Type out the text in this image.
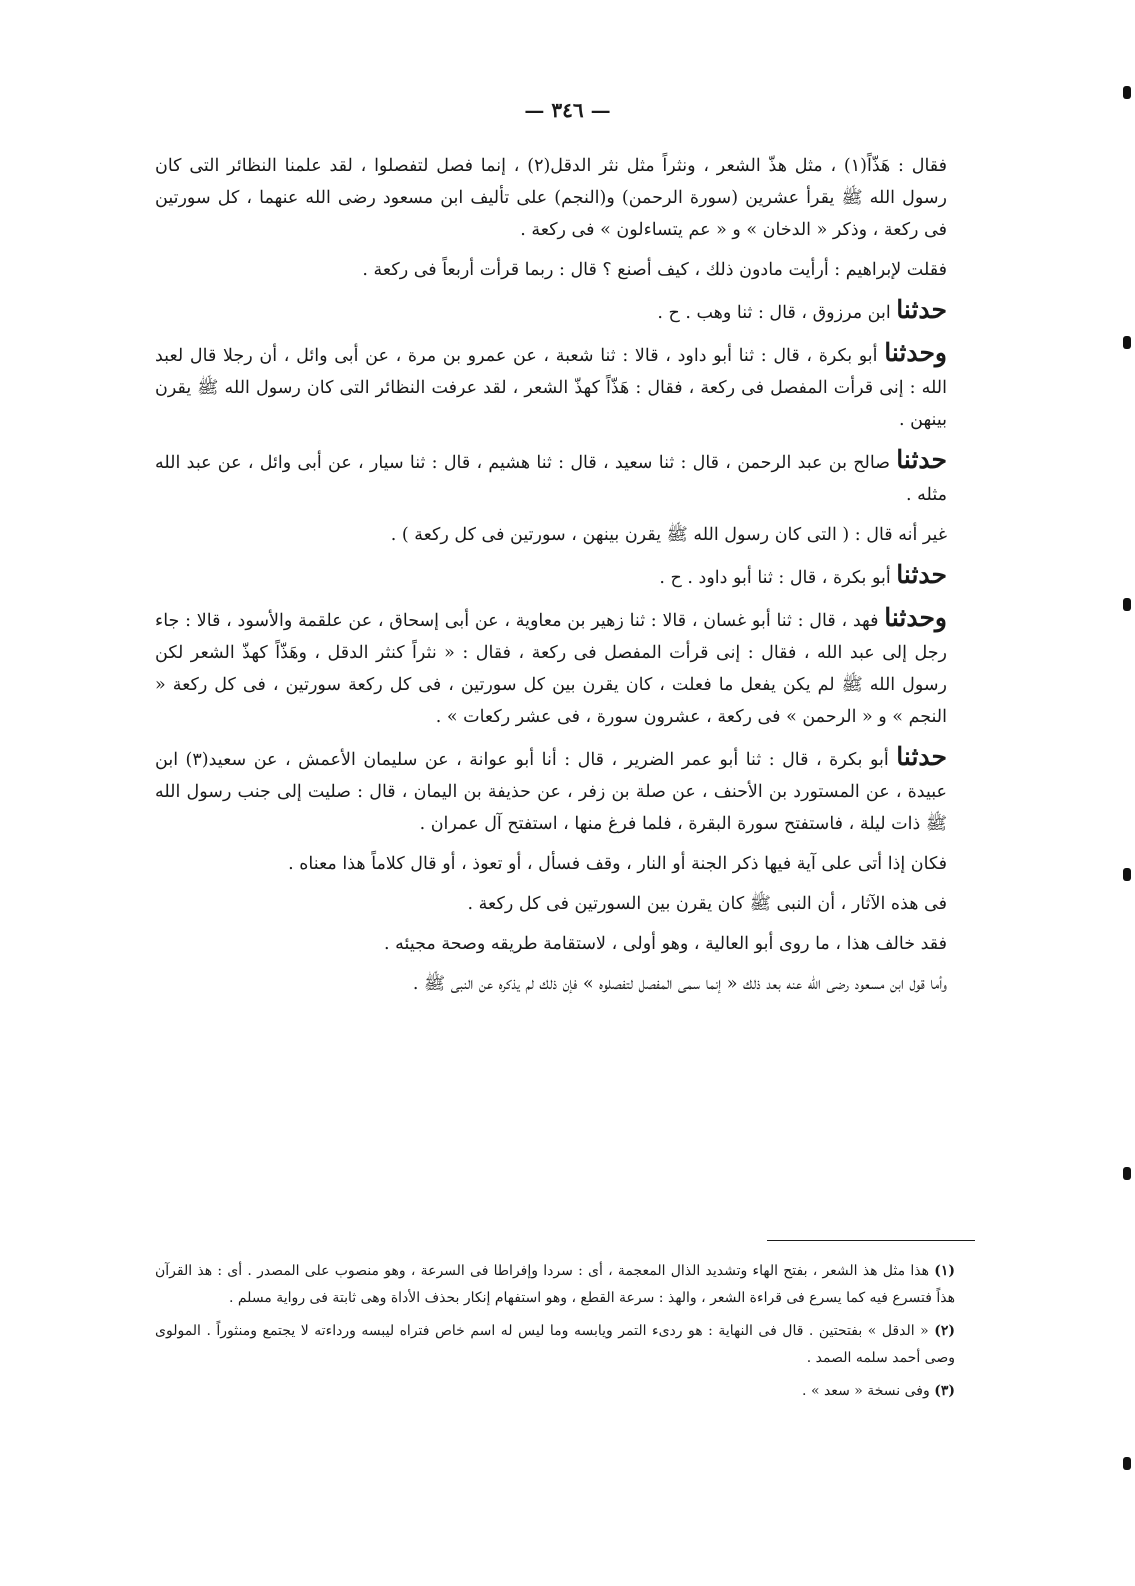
— ٣٤٦ —

فقال : هَذّاً(١) ، مثل هذّ الشعر ، ونثراً مثل نثر الدقل(٢) ، إنما فصل لتفصلوا ، لقد علمنا النظائر التى كان رسول الله ﷺ يقرأ عشرين (سورة الرحمن) و(النجم) على تأليف ابن مسعود رضى الله عنهما ، كل سورتين فى ركعة ، وذكر « الدخان » و « عم يتساءلون » فى ركعة .

فقلت لإبراهيم : أرأيت مادون ذلك ، كيف أصنع ؟ قال : ربما قرأت أربعاً فى ركعة .

حدثنا ابن مرزوق ، قال : ثنا وهب . ح .

وحدثنا أبو بكرة ، قال : ثنا أبو داود ، قالا : ثنا شعبة ، عن عمرو بن مرة ، عن أبى وائل ، أن رجلا قال لعبد الله : إنى قرأت المفصل فى ركعة ، فقال : هَذّاً كهذّ الشعر ، لقد عرفت النظائر التى كان رسول الله ﷺ يقرن بينهن .

حدثنا صالح بن عبد الرحمن ، قال : ثنا سعيد ، قال : ثنا هشيم ، قال : ثنا سيار ، عن أبى وائل ، عن عبد الله مثله .

غير أنه قال : ( التى كان رسول الله ﷺ يقرن بينهن ، سورتين فى كل ركعة ) .

حدثنا أبو بكرة ، قال : ثنا أبو داود . ح .

وحدثنا فهد ، قال : ثنا أبو غسان ، قالا : ثنا زهير بن معاوية ، عن أبى إسحاق ، عن علقمة والأسود ، قالا : جاء رجل إلى عبد الله ، فقال : إنى قرأت المفصل فى ركعة ، فقال : « نثراً كنثر الدقل ، وهَذّاً كهذّ الشعر لكن رسول الله ﷺ لم يكن يفعل ما فعلت ، كان يقرن بين كل سورتين ، فى كل ركعة سورتين ، فى كل ركعة « النجم » و « الرحمن » فى ركعة ، عشرون سورة ، فى عشر ركعات » .

حدثنا أبو بكرة ، قال : ثنا أبو عمر الضرير ، قال : أنا أبو عوانة ، عن سليمان الأعمش ، عن سعيد(٣) ابن عبيدة ، عن المستورد بن الأحنف ، عن صلة بن زفر ، عن حذيفة بن اليمان ، قال : صليت إلى جنب رسول الله ﷺ ذات ليلة ، فاستفتح سورة البقرة ، فلما فرغ منها ، استفتح آل عمران .

فكان إذا أتى على آية فيها ذكر الجنة أو النار ، وقف فسأل ، أو تعوذ ، أو قال كلاماً هذا معناه .

فى هذه الآثار ، أن النبى ﷺ كان يقرن بين السورتين فى كل ركعة .

فقد خالف هذا ، ما روى أبو العالية ، وهو أولى ، لاستقامة طريقه وصحة مجيئه .

وأما قول ابن مسعود رضى الله عنه بعد ذلك « إنما سمى المفصل لتفصلوه » فإن ذلك لم يذكره عن النبى ﷺ .

(١) هذا مثل هذ الشعر ، بفتح الهاء وتشديد الذال المعجمة ، أى : سردا وإفراطا فى السرعة ، وهو منصوب على المصدر . أى : هذ القرآن هذاً فتسرع فيه كما يسرع فى قراءة الشعر ، والهذ : سرعة القطع ، وهو استفهام إنكار بحذف الأداة وهى ثابتة فى رواية مسلم .

(٢) « الدقل » بفتحتين . قال فى النهاية : هو ردىء التمر ويابسه وما ليس له اسم خاص فتراه ليبسه ورداءته لا يجتمع ومنثوراً . المولوى وصى أحمد سلمه الصمد .

(٣) وفى نسخة « سعد » .
